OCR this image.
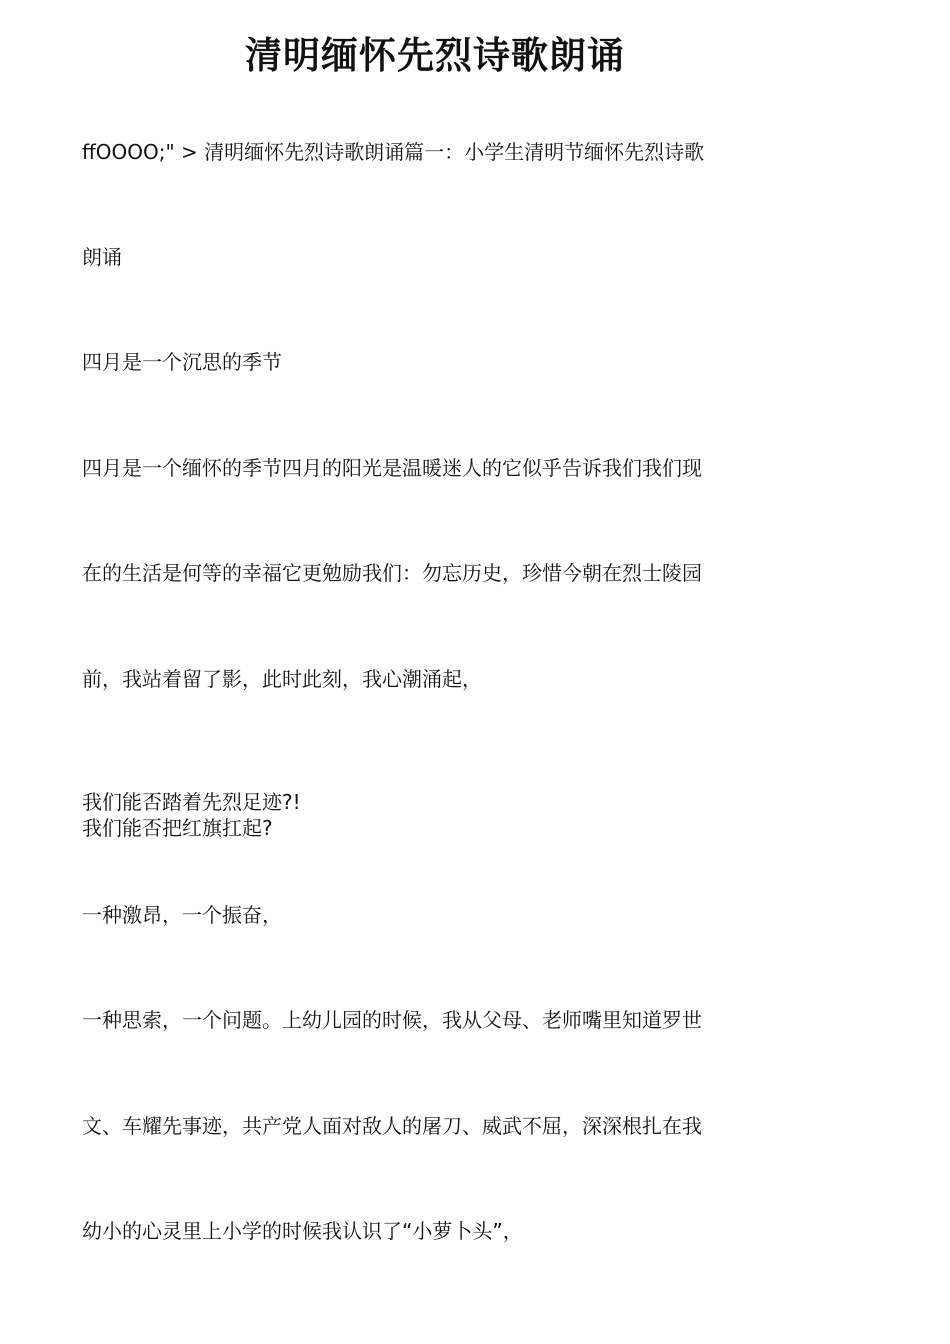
清明缅怀先烈诗歌朗诵

ffOOOO;" > 清明缅怀先烈诗歌朗诵篇一：小学生清明节缅怀先烈诗歌

朗诵

四月是一个沉思的季节

四月是一个缅怀的季节四月的阳光是温暖迷人的它似乎告诉我们我们现

在的生活是何等的幸福它更勉励我们：勿忘历史，珍惜今朝在烈士陵园

前，我站着留了影，此时此刻，我心潮涌起，

我们能否踏着先烈足迹?!

我们能否把红旗扛起?

一种激昂，一个振奋，

一种思索，一个问题。上幼儿园的时候，我从父母、老师嘴里知道罗世

文、车耀先事迹，共产党人面对敌人的屠刀、威武不屈，深深根扎在我

幼小的心灵里上小学的时候我认识了“小萝卜头”，
